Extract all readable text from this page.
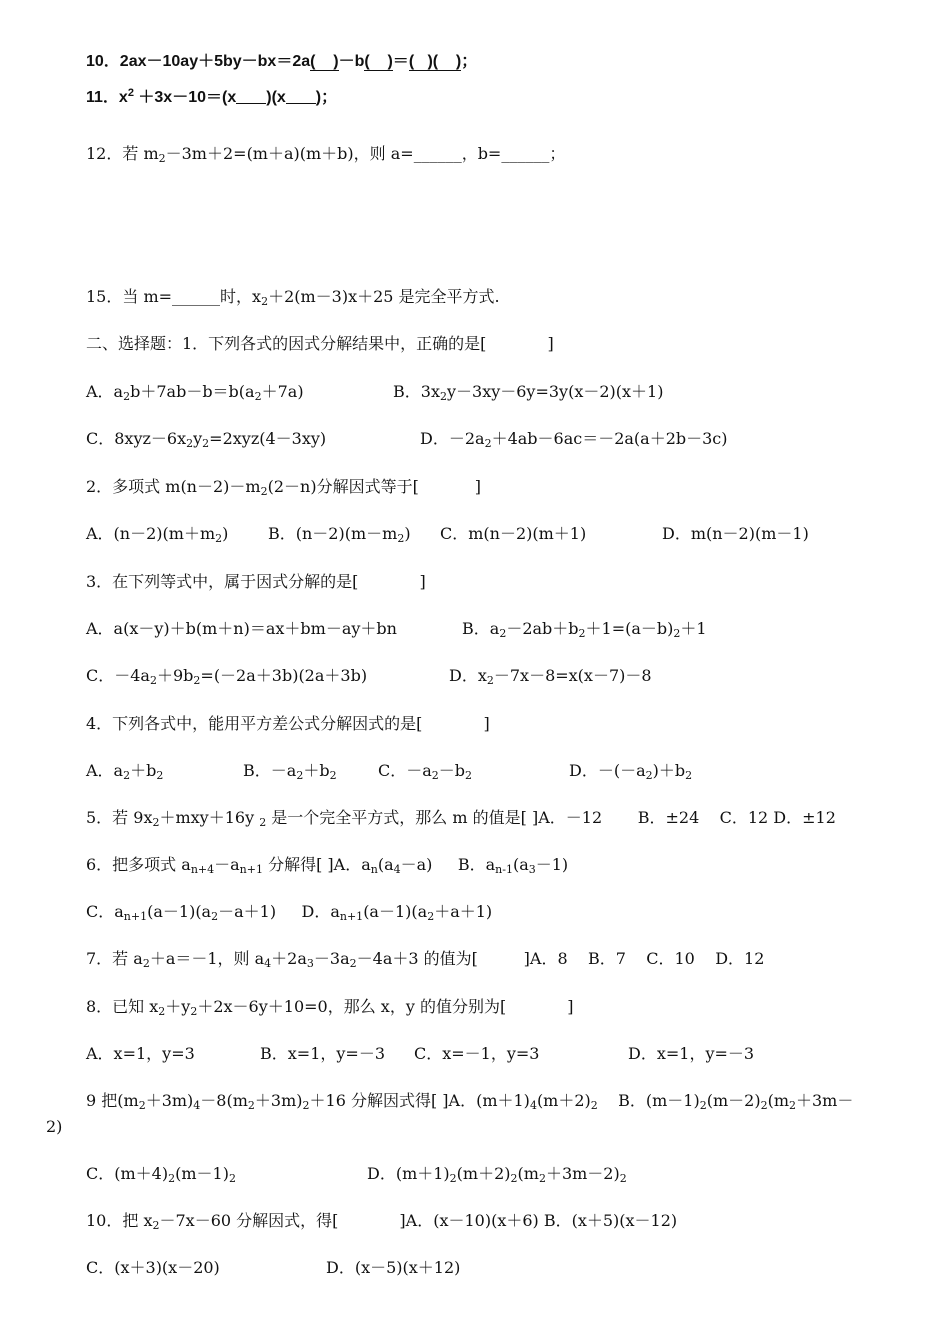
10．2ax－10ay＋5by－bx＝2a(    )－b(    )＝(   )(    )；
11．$x^2 +3x-10=(x$ )(x )；
12．若 $m_2-3m+2=(m+a)(m+b)$，则 a=______，b=______；
15．当 m=______时，$x_2+2(m-3)x+25$ 是完全平方式.
二、选择题：1．下列各式的因式分解结果中，正确的是[            ]
A．$a_2b+7ab-b=b(a_2+7a)$	B．$3x_2y-3xy-6y=3y(x-2)(x+1)$
C．$8xyz-6x_2y_2=2xyz(4-3xy)$	D．$-2a_2+4ab-6ac=-2a(a+2b-3c)$
2．多项式 $m(n-2)-m_2(2-n)$分解因式等于[           ]
A．$(n-2)(m+m_2)$ B．$(n-2)(m-m_2)$ C．m(n－2)(m＋1)	D．m(n－2)(m－1)
3．在下列等式中，属于因式分解的是[            ]
A．a(x－y)＋b(m＋n)＝ax＋bm－ay＋bn	B．$a_2-2ab+b_2+1=(a-b)_2+1$
C．$-4a_2+9b_2=(-2a+3b)(2a+3b)$	D．$x_2-7x-8=x(x-7)-8$
4．下列各式中，能用平方差公式分解因式的是[            ]
A．$a_2+b_2$	B．$-a_2+b_2$	C．$-a_2-b_2$	D．$-(-a_2)+b_2$
5．若 $9x_2+mxy+16y$ $_2$ 是一个完全平方式，那么 m 的值是[ ]A．－12       B．±24    C．12 D．±12
6．把多项式 $a_{n+4}-a_{n+1}$ 分解得[ ]A．$a_n(a_4-a)$     B．$a_{n-1}(a_3-1)$
C．$a_{n+1}(a-1)(a_2-a+1)$     D．$a_{n+1}(a-1)(a_2+a+1)$
7．若 $a_2+a=-1$，则 $a_4+2a_3-3a_2-4a+3$ 的值为[         ]A．8    B．7    C．10    D．12
8．已知 $x_2+y_2+2x-6y+10=0$，那么 x，y 的值分别为[            ]
A．x=1，y=3	B．x=1，y=－3 C．x=－1，y=3	D．x=1，y=－3
9 把$(m_2+3m)_4-8(m_2+3m)_2+16$ 分解因式得[ ]A．$(m+1)_4(m+2)_2$    B．$(m-1)_2(m-2)_2(m_2+3m-$
2)
C．$(m+4)_2(m-1)_2$	D．$(m+1)_2(m+2)_2(m_2+3m-2)_2$
10．把 $x_2-7x-60$ 分解因式，得[            ]A．(x－10)(x＋6) B．(x＋5)(x－12)
C．(x＋3)(x－20)	D．(x－5)(x＋12)
